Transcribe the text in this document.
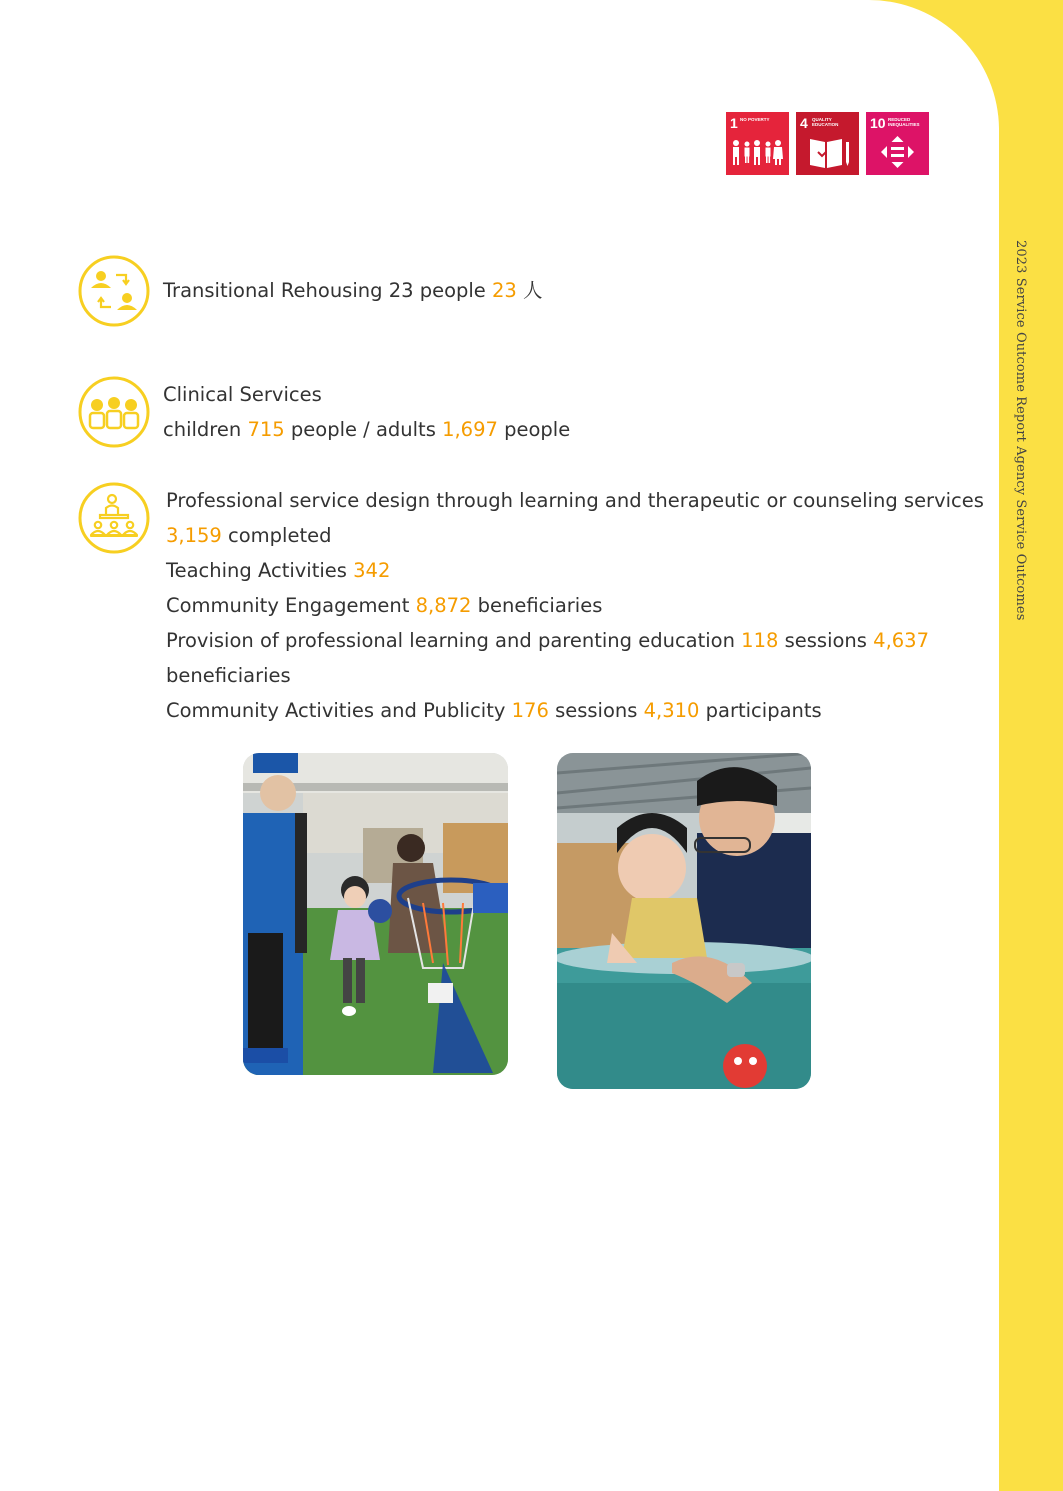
2023 Service Outcome Report Agency Service Outcomes
1 NO POVERTY	4 QUALITY EDUCATION	10 REDUCED INEQUALITIES
Transitional Rehousing 23 people 23 人
Clinical Services
children 715 people / adults 1,697 people
Professional service design through learning and therapeutic or counseling services
3,159 completed
Teaching Activities 342
Community Engagement 8,872 beneficiaries
Provision of professional learning and parenting education 118 sessions 4,637
beneficiaries
Community Activities and Publicity 176 sessions 4,310 participants
